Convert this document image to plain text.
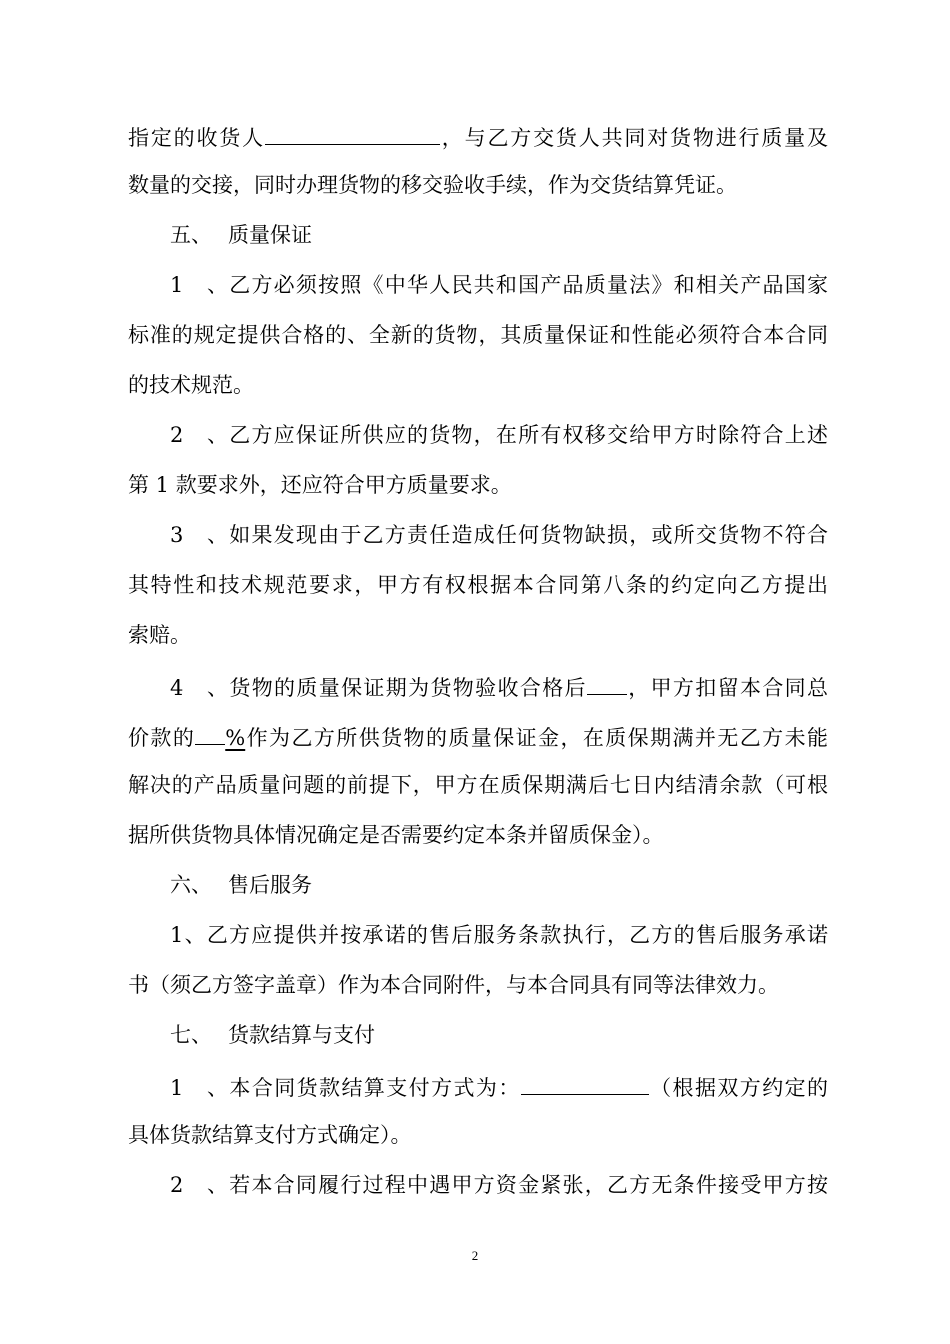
指定的收货人	，与乙方交货人共同对货物进行质量及
数量的交接，同时办理货物的移交验收手续，作为交货结算凭证。
五、 质量保证
1、乙方必须按照《中华人民共和国产品质量法》和相关产品国家
标准的规定提供合格的、全新的货物，其质量保证和性能必须符合本合同
的技术规范。
2、乙方应保证所供应的货物，在所有权移交给甲方时除符合上述
第 1 款要求外，还应符合甲方质量要求。
3、如果发现由于乙方责任造成任何货物缺损，或所交货物不符合
其特性和技术规范要求，甲方有权根据本合同第八条的约定向乙方提出
索赔。
4、货物的质量保证期为货物验收合格后 ，甲方扣留本合同总
价款的 %作为乙方所供货物的质量保证金，在质保期满并无乙方未能
解决的产品质量问题的前提下，甲方在质保期满后七日内结清余款（可根
据所供货物具体情况确定是否需要约定本条并留质保金）。
六、 售后服务
1、乙方应提供并按承诺的售后服务条款执行，乙方的售后服务承诺
书（须乙方签字盖章）作为本合同附件，与本合同具有同等法律效力。
七、 货款结算与支付
1、本合同货款结算支付方式为：	（根据双方约定的
具体货款结算支付方式确定）。
2、若本合同履行过程中遇甲方资金紧张，乙方无条件接受甲方按
2
